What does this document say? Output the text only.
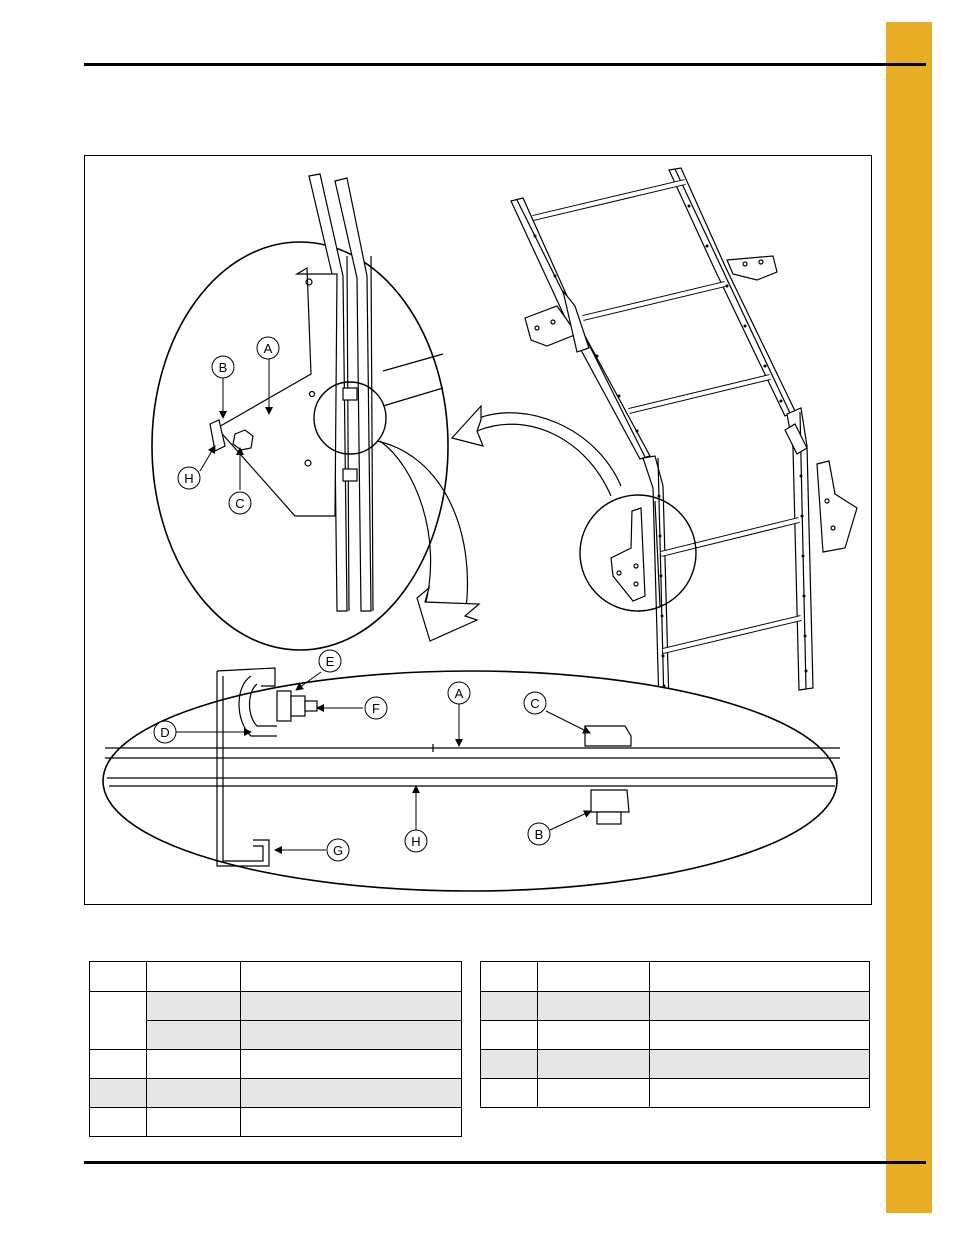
A
B
C
H
A
B
C
D
E
F
G
H
